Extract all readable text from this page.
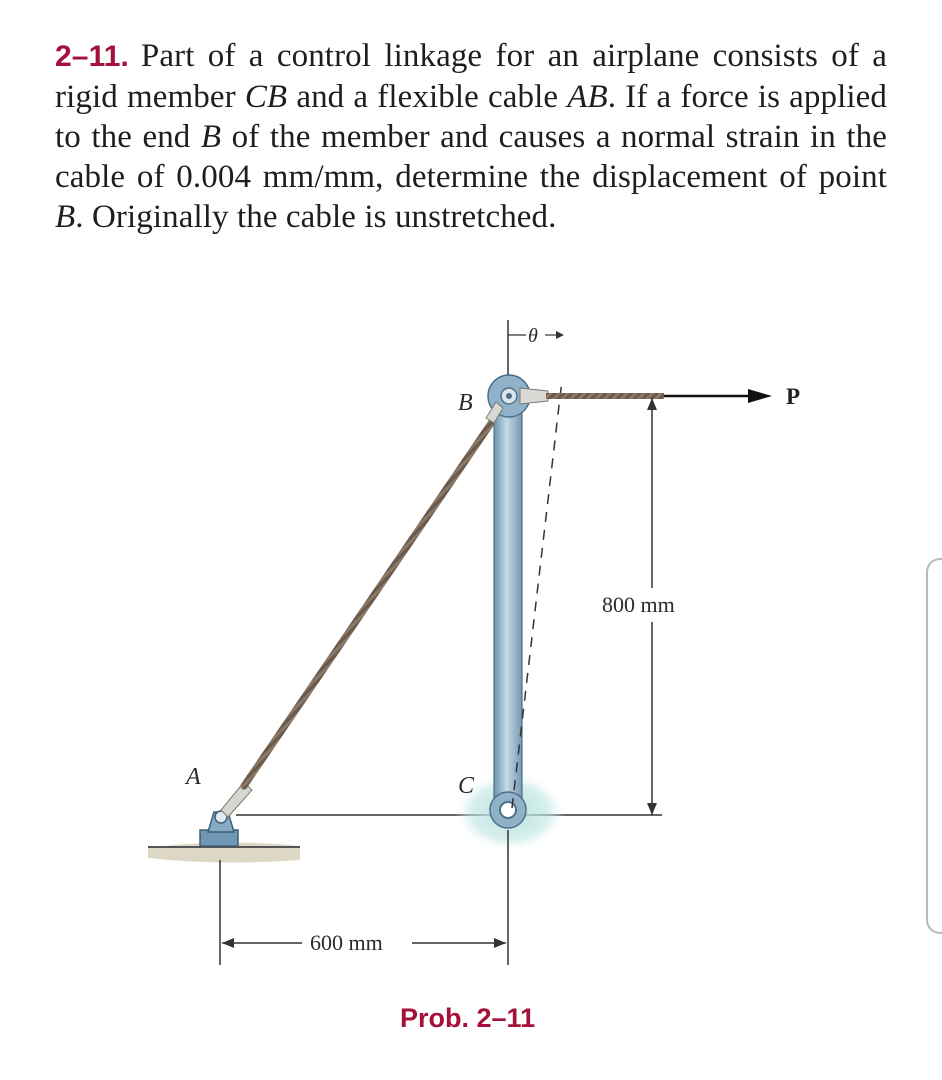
2–11. Part of a control linkage for an airplane consists of a rigid member CB and a flexible cable AB. If a force is applied to the end B of the member and causes a normal strain in the cable of 0.004 mm/mm, determine the displacement of point B. Originally the cable is unstretched.
θ
P
800 mm
600 mm
A
B
C
Prob. 2–11
